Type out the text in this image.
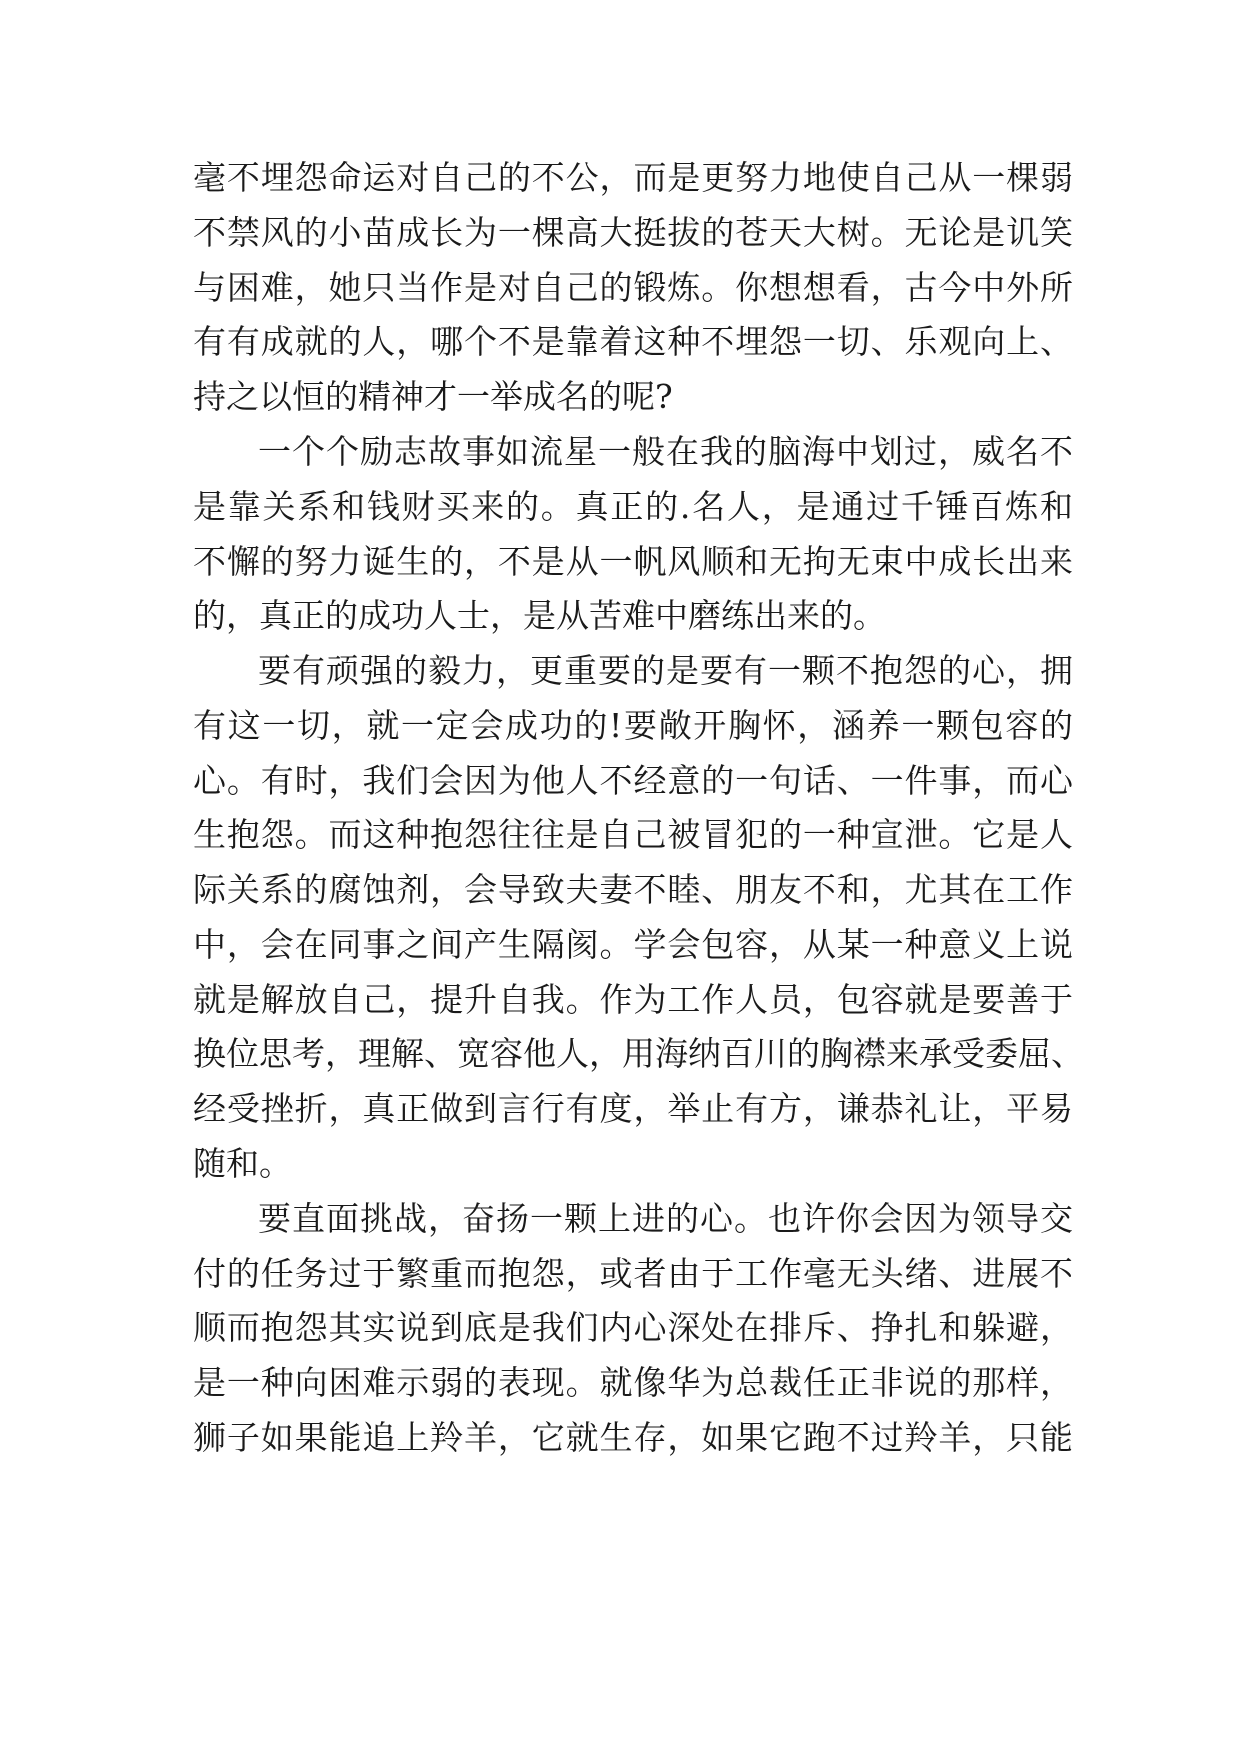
毫不埋怨命运对自己的不公，而是更努力地使自己从一棵弱
不禁风的小苗成长为一棵高大挺拔的苍天大树。无论是讥笑
与困难，她只当作是对自己的锻炼。你想想看，古今中外所
有有成就的人，哪个不是靠着这种不埋怨一切、乐观向上、
持之以恒的精神才一举成名的呢?
一个个励志故事如流星一般在我的脑海中划过，威名不
是靠关系和钱财买来的。真正的.名人，是通过千锤百炼和
不懈的努力诞生的，不是从一帆风顺和无拘无束中成长出来
的，真正的成功人士，是从苦难中磨练出来的。
要有顽强的毅力，更重要的是要有一颗不抱怨的心，拥
有这一切，就一定会成功的!要敞开胸怀，涵养一颗包容的
心。有时，我们会因为他人不经意的一句话、一件事，而心
生抱怨。而这种抱怨往往是自己被冒犯的一种宣泄。它是人
际关系的腐蚀剂，会导致夫妻不睦、朋友不和，尤其在工作
中，会在同事之间产生隔阂。学会包容，从某一种意义上说
就是解放自己，提升自我。作为工作人员，包容就是要善于
换位思考，理解、宽容他人，用海纳百川的胸襟来承受委屈、
经受挫折，真正做到言行有度，举止有方，谦恭礼让，平易
随和。
要直面挑战，奋扬一颗上进的心。也许你会因为领导交
付的任务过于繁重而抱怨，或者由于工作毫无头绪、进展不
顺而抱怨其实说到底是我们内心深处在排斥、挣扎和躲避，
是一种向困难示弱的表现。就像华为总裁任正非说的那样，
狮子如果能追上羚羊，它就生存，如果它跑不过羚羊，只能
